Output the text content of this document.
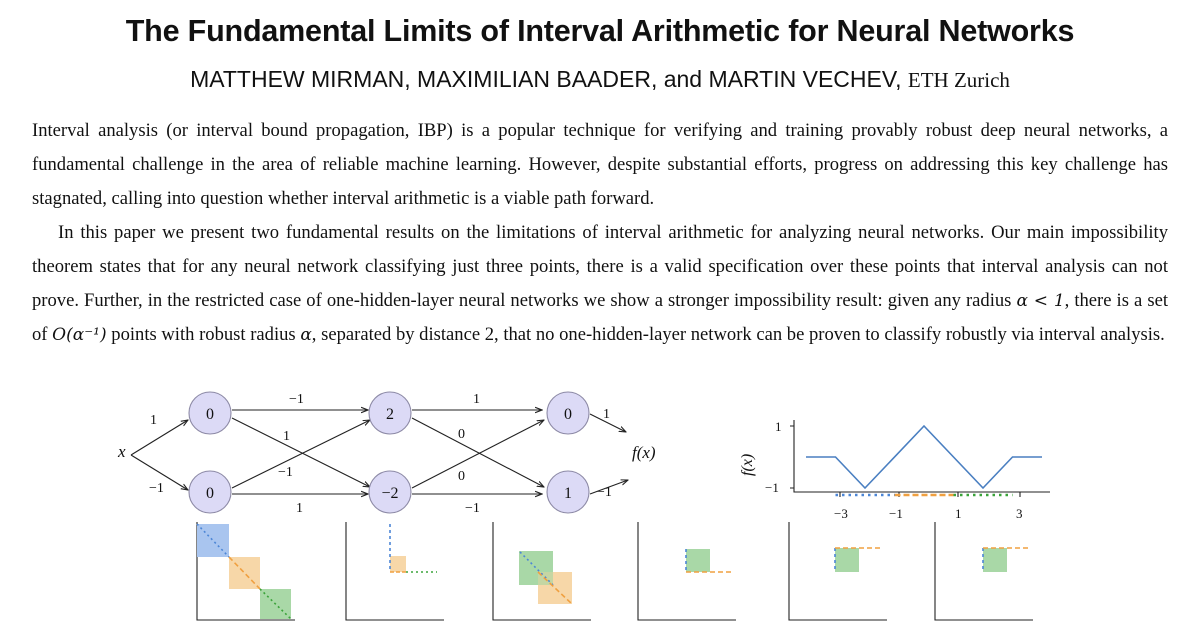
The Fundamental Limits of Interval Arithmetic for Neural Networks
MATTHEW MIRMAN, MAXIMILIAN BAADER, and MARTIN VECHEV, ETH Zurich

Interval analysis (or interval bound propagation, IBP) is a popular technique for verifying and training provably robust deep neural networks, a fundamental challenge in the area of reliable machine learning. However, despite substantial efforts, progress on addressing this key challenge has stagnated, calling into question whether interval arithmetic is a viable path forward.

In this paper we present two fundamental results on the limitations of interval arithmetic for analyzing neural networks. Our main impossibility theorem states that for any neural network classifying just three points, there is a valid specification over these points that interval analysis can not prove. Further, in the restricted case of one-hidden-layer neural networks we show a stronger impossibility result: given any radius α < 1, there is a set of O(α⁻¹) points with robust radius α, separated by distance 2, that no one-hidden-layer network can be proven to classify robustly via interval analysis.

x
1
−1
−1
1
−1
1
1
0
0
−1
1
−1
f(x)
0
0
2
−2
0
1
1
−1
−3	−1	1	3
f(x)
